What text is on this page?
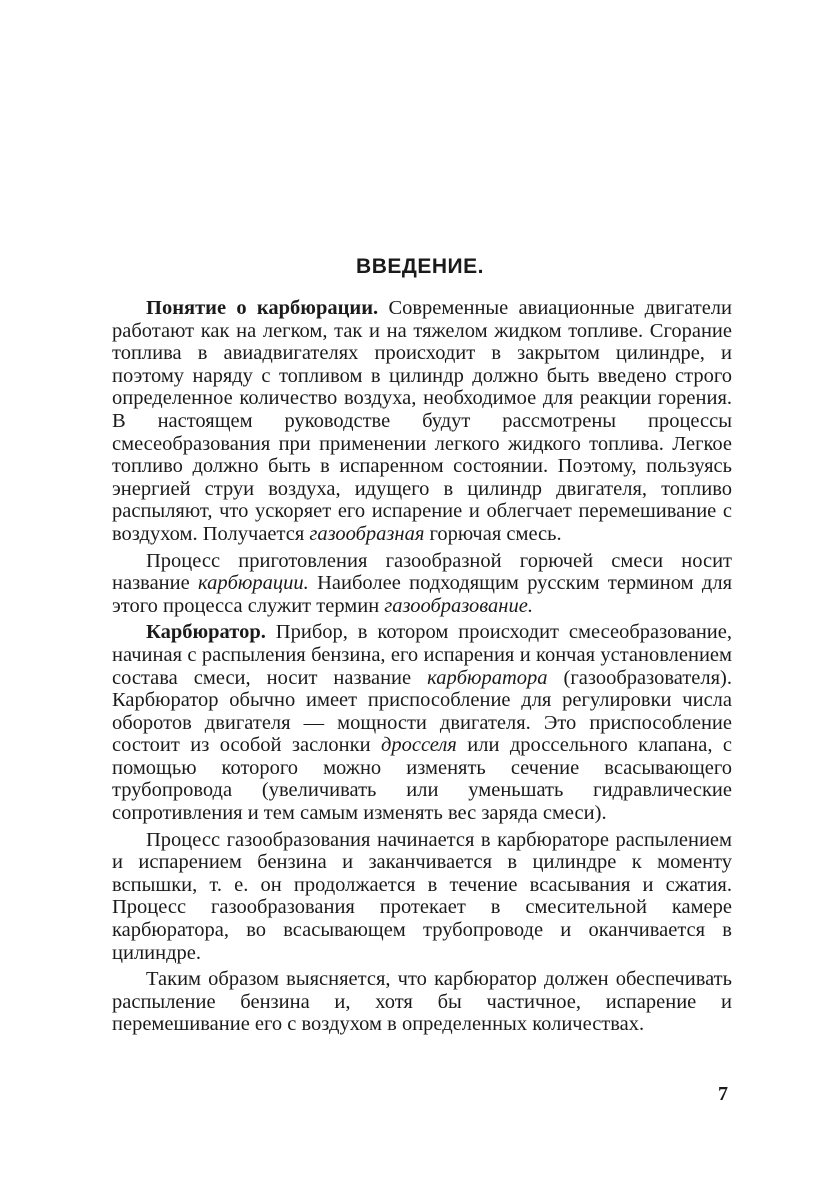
ВВЕДЕНИЕ.

Понятие о карбюрации. Современные авиационные двигатели работают как на легком, так и на тяжелом жидком топливе. Сгорание топлива в авиадвигателях происходит в закрытом цилиндре, и поэтому наряду с топливом в цилиндр должно быть введено строго определенное количество воздуха, необходимое для реакции горения. В настоящем руководстве будут рассмотрены процессы смесеобразования при применении легкого жидкого топлива. Легкое топливо должно быть в испаренном состоянии. Поэтому, пользуясь энергией струи воздуха, идущего в цилиндр двигателя, топливо распыляют, что ускоряет его испарение и облегчает перемешивание с воздухом. Получается газообразная горючая смесь.

Процесс приготовления газообразной горючей смеси носит название карбюрации. Наиболее подходящим русским термином для этого процесса служит термин газообразование.

Карбюратор. Прибор, в котором происходит смесеобразование, начиная с распыления бензина, его испарения и кончая установлением состава смеси, носит название карбюратора (газообразователя). Карбюратор обычно имеет приспособление для регулировки числа оборотов двигателя — мощности двигателя. Это приспособление состоит из особой заслонки дросселя или дроссельного клапана, с помощью которого можно изменять сечение всасывающего трубопровода (увеличивать или уменьшать гидравлические сопротивления и тем самым изменять вес заряда смеси).

Процесс газообразования начинается в карбюраторе распылением и испарением бензина и заканчивается в цилиндре к моменту вспышки, т. е. он продолжается в течение всасывания и сжатия. Процесс газообразования протекает в смесительной камере карбюратора, во всасывающем трубопроводе и оканчивается в цилиндре.

Таким образом выясняется, что карбюратор должен обеспечивать распыление бензина и, хотя бы частичное, испарение и перемешивание его с воздухом в определенных количествах.

7
